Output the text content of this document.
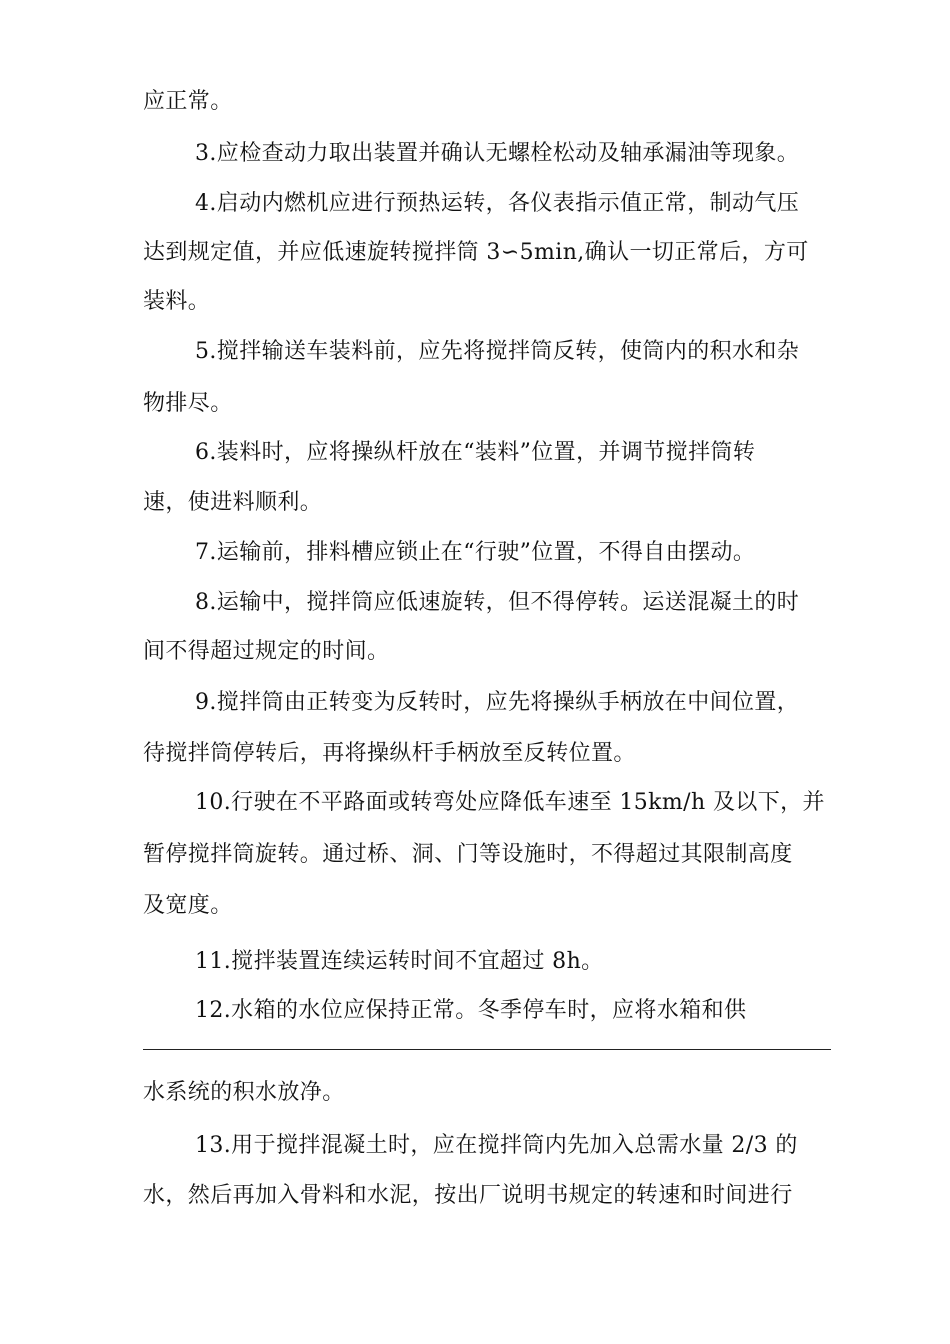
应正常。
3.应检查动力取出装置并确认无螺栓松动及轴承漏油等现象。
4.启动内燃机应进行预热运转，各仪表指示值正常，制动气压
达到规定值，并应低速旋转搅拌筒 3∽5min,确认一切正常后，方可
装料。
5.搅拌输送车装料前，应先将搅拌筒反转，使筒内的积水和杂
物排尽。
6.装料时，应将操纵杆放在“装料”位置，并调节搅拌筒转
速，使进料顺利。
7.运输前，排料槽应锁止在“行驶”位置，不得自由摆动。
8.运输中，搅拌筒应低速旋转，但不得停转。运送混凝土的时
间不得超过规定的时间。
9.搅拌筒由正转变为反转时，应先将操纵手柄放在中间位置，
待搅拌筒停转后，再将操纵杆手柄放至反转位置。
10.行驶在不平路面或转弯处应降低车速至 15km/h 及以下，并
暂停搅拌筒旋转。通过桥、洞、门等设施时，不得超过其限制高度
及宽度。
11.搅拌装置连续运转时间不宜超过 8h。
12.水箱的水位应保持正常。冬季停车时，应将水箱和供
水系统的积水放净。
13.用于搅拌混凝土时，应在搅拌筒内先加入总需水量 2/3 的
水，然后再加入骨料和水泥，按出厂说明书规定的转速和时间进行
